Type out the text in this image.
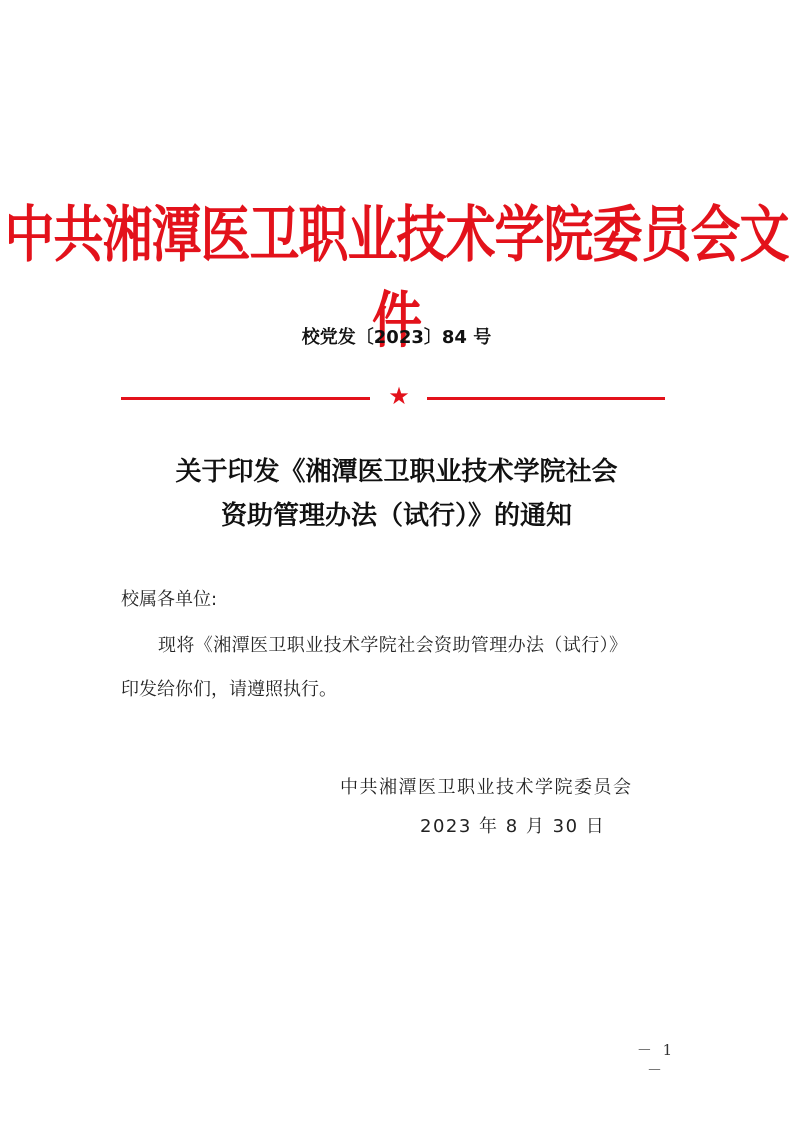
中共湘潭医卫职业技术学院委员会文件
校党发〔2023〕84 号
★
关于印发《湘潭医卫职业技术学院社会
资助管理办法（试行）》的通知
校属各单位:
现将《湘潭医卫职业技术学院社会资助管理办法（试行）》
印发给你们，请遵照执行。
中共湘潭医卫职业技术学院委员会
2023 年 8 月 30 日
－ 1 －
